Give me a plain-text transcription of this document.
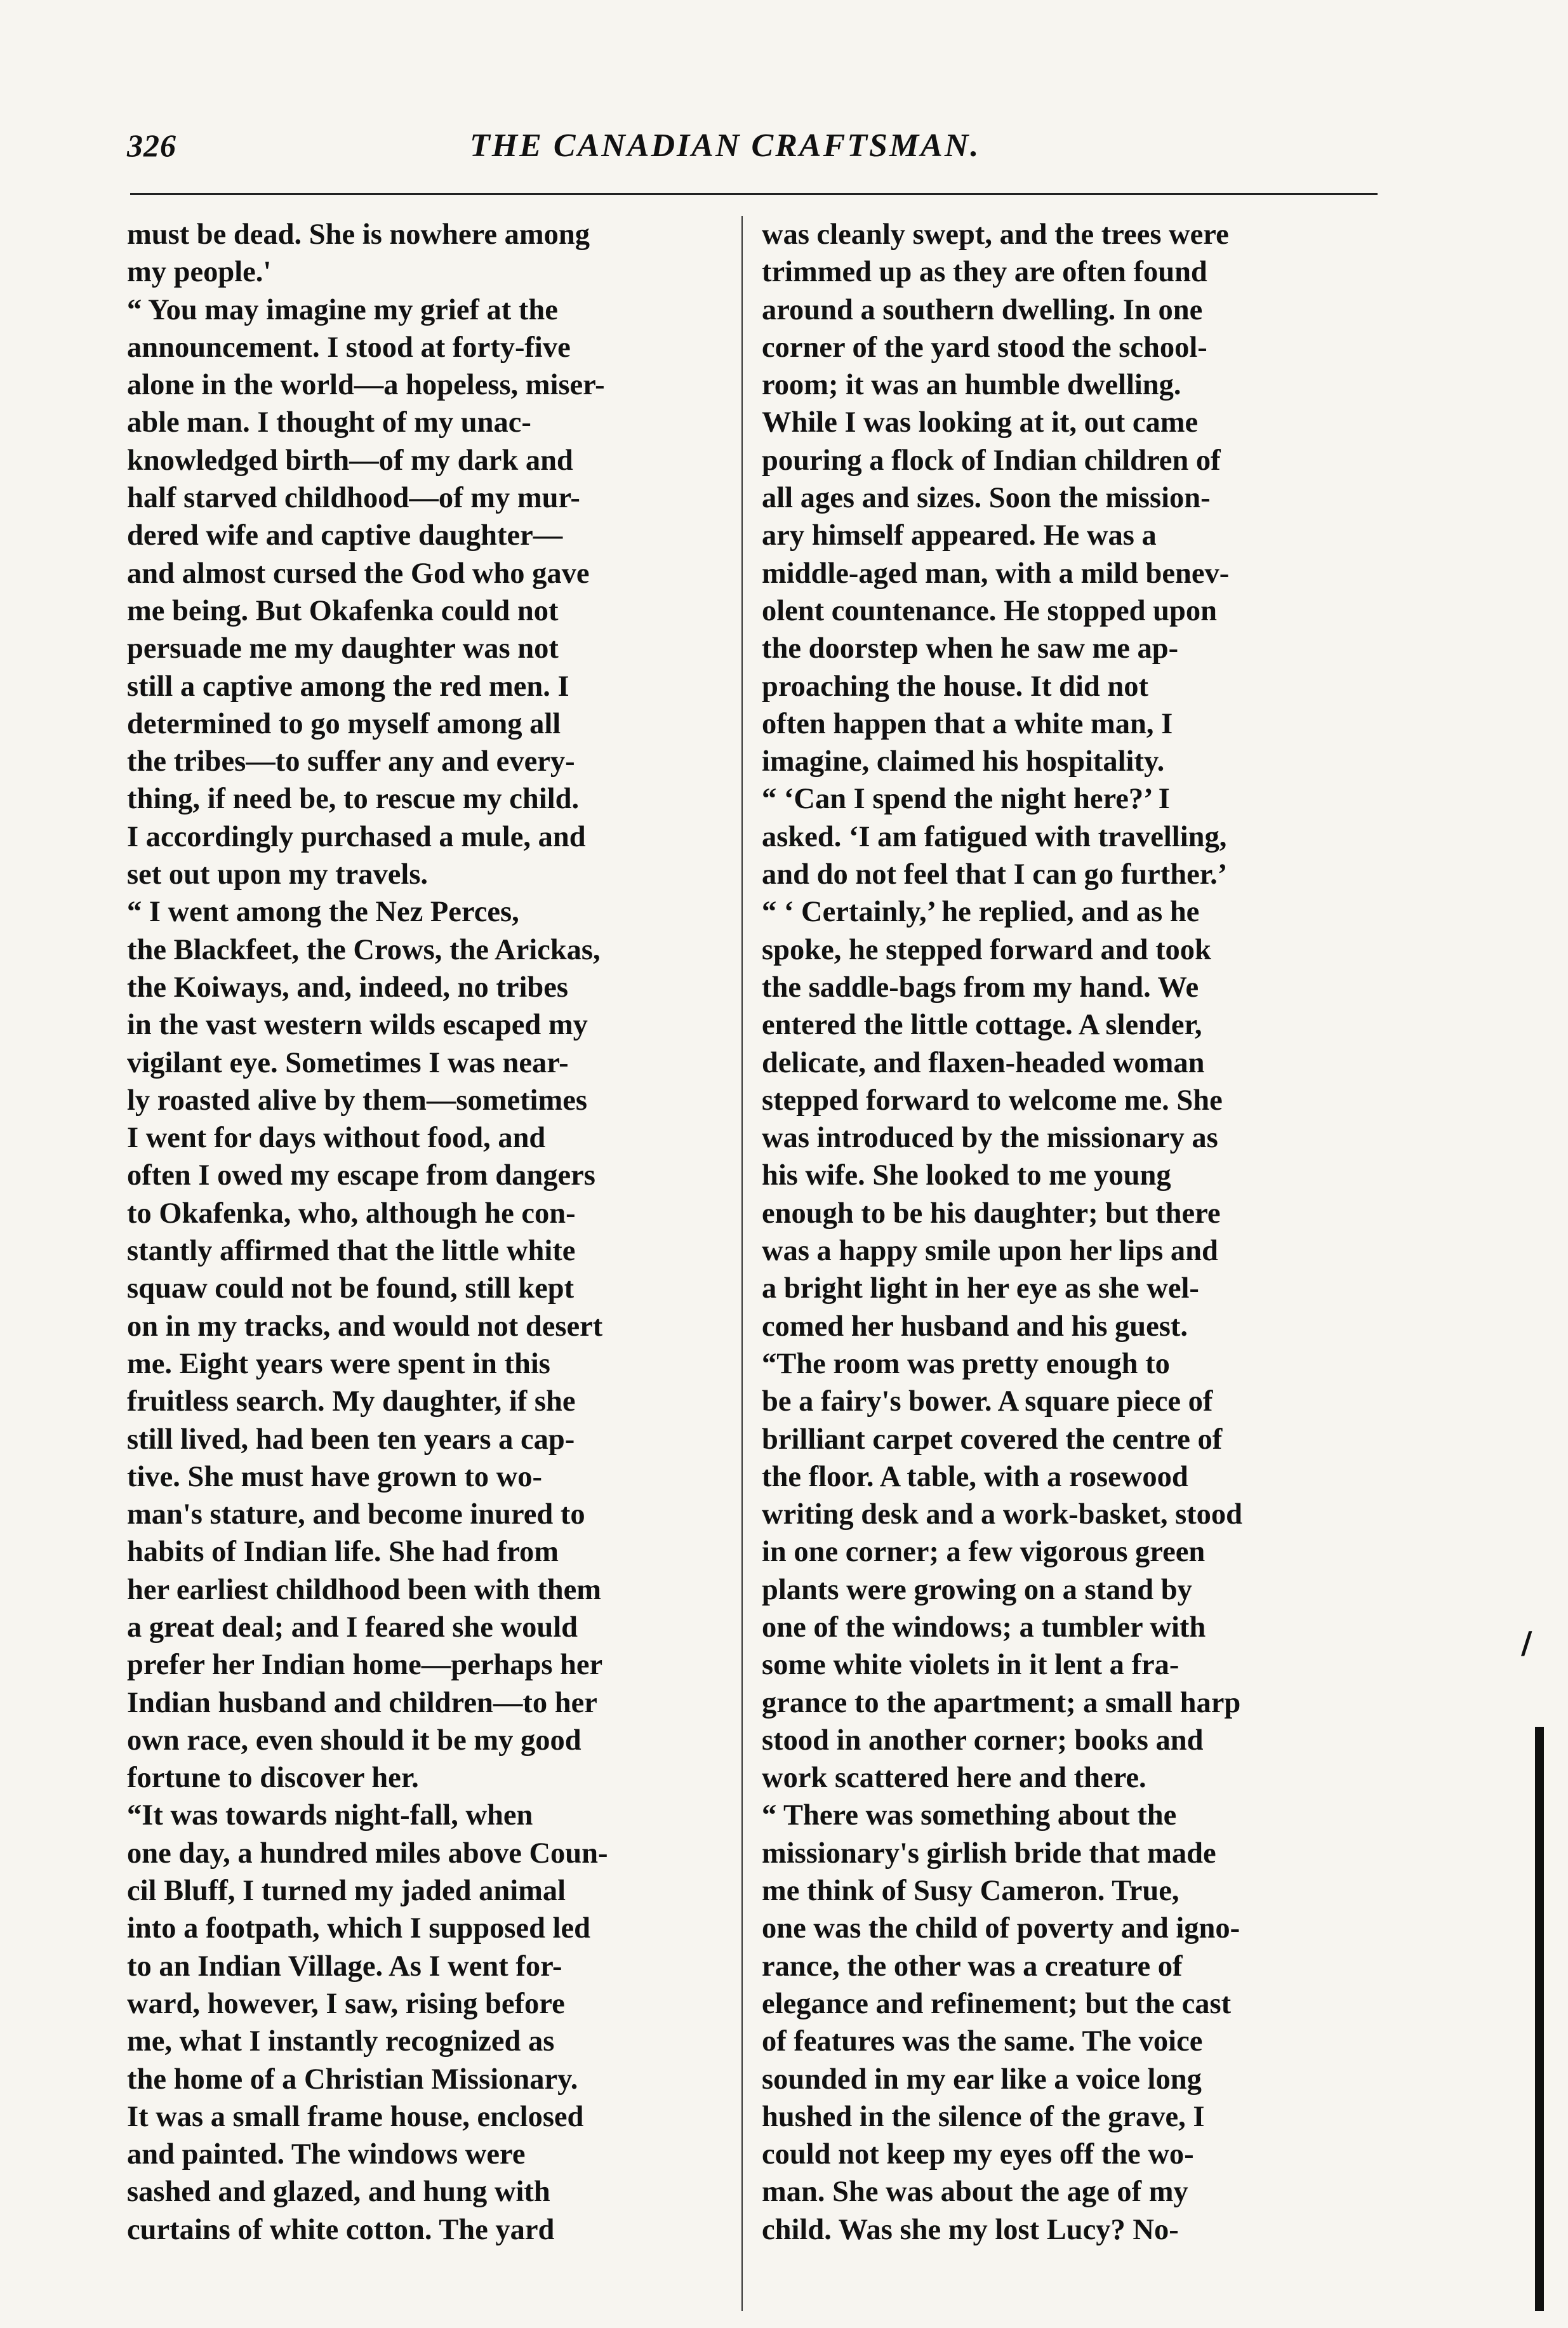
326	THE CANADIAN CRAFTSMAN.
must be dead. She is nowhere among
my people.'
“ You may imagine my grief at the
announcement. I stood at forty-five
alone in the world—a hopeless, miser-
able man. I thought of my unac-
knowledged birth—of my dark and
half starved childhood—of my mur-
dered wife and captive daughter—
and almost cursed the God who gave
me being. But Okafenka could not
persuade me my daughter was not
still a captive among the red men. I
determined to go myself among all
the tribes—to suffer any and every-
thing, if need be, to rescue my child.
I accordingly purchased a mule, and
set out upon my travels.
“ I went among the Nez Perces,
the Blackfeet, the Crows, the Arickas,
the Koiways, and, indeed, no tribes
in the vast western wilds escaped my
vigilant eye. Sometimes I was near-
ly roasted alive by them—sometimes
I went for days without food, and
often I owed my escape from dangers
to Okafenka, who, although he con-
stantly affirmed that the little white
squaw could not be found, still kept
on in my tracks, and would not desert
me. Eight years were spent in this
fruitless search. My daughter, if she
still lived, had been ten years a cap-
tive. She must have grown to wo-
man's stature, and become inured to
habits of Indian life. She had from
her earliest childhood been with them
a great deal; and I feared she would
prefer her Indian home—perhaps her
Indian husband and children—to her
own race, even should it be my good
fortune to discover her.
“It was towards night-fall, when
one day, a hundred miles above Coun-
cil Bluff, I turned my jaded animal
into a footpath, which I supposed led
to an Indian Village. As I went for-
ward, however, I saw, rising before
me, what I instantly recognized as
the home of a Christian Missionary.
It was a small frame house, enclosed
and painted. The windows were
sashed and glazed, and hung with
curtains of white cotton. The yard
was cleanly swept, and the trees were
trimmed up as they are often found
around a southern dwelling. In one
corner of the yard stood the school-
room; it was an humble dwelling.
While I was looking at it, out came
pouring a flock of Indian children of
all ages and sizes. Soon the mission-
ary himself appeared. He was a
middle-aged man, with a mild benev-
olent countenance. He stopped upon
the doorstep when he saw me ap-
proaching the house. It did not
often happen that a white man, I
imagine, claimed his hospitality.
“ ‘Can I spend the night here?’ I
asked. ‘I am fatigued with travelling,
and do not feel that I can go further.’
“ ‘ Certainly,’ he replied, and as he
spoke, he stepped forward and took
the saddle-bags from my hand. We
entered the little cottage. A slender,
delicate, and flaxen-headed woman
stepped forward to welcome me. She
was introduced by the missionary as
his wife. She looked to me young
enough to be his daughter; but there
was a happy smile upon her lips and
a bright light in her eye as she wel-
comed her husband and his guest.
“The room was pretty enough to
be a fairy's bower. A square piece of
brilliant carpet covered the centre of
the floor. A table, with a rosewood
writing desk and a work-basket, stood
in one corner; a few vigorous green
plants were growing on a stand by
one of the windows; a tumbler with
some white violets in it lent a fra-
grance to the apartment; a small harp
stood in another corner; books and
work scattered here and there.
“ There was something about the
missionary's girlish bride that made
me think of Susy Cameron. True,
one was the child of poverty and igno-
rance, the other was a creature of
elegance and refinement; but the cast
of features was the same. The voice
sounded in my ear like a voice long
hushed in the silence of the grave, I
could not keep my eyes off the wo-
man. She was about the age of my
child. Was she my lost Lucy? No-
/
